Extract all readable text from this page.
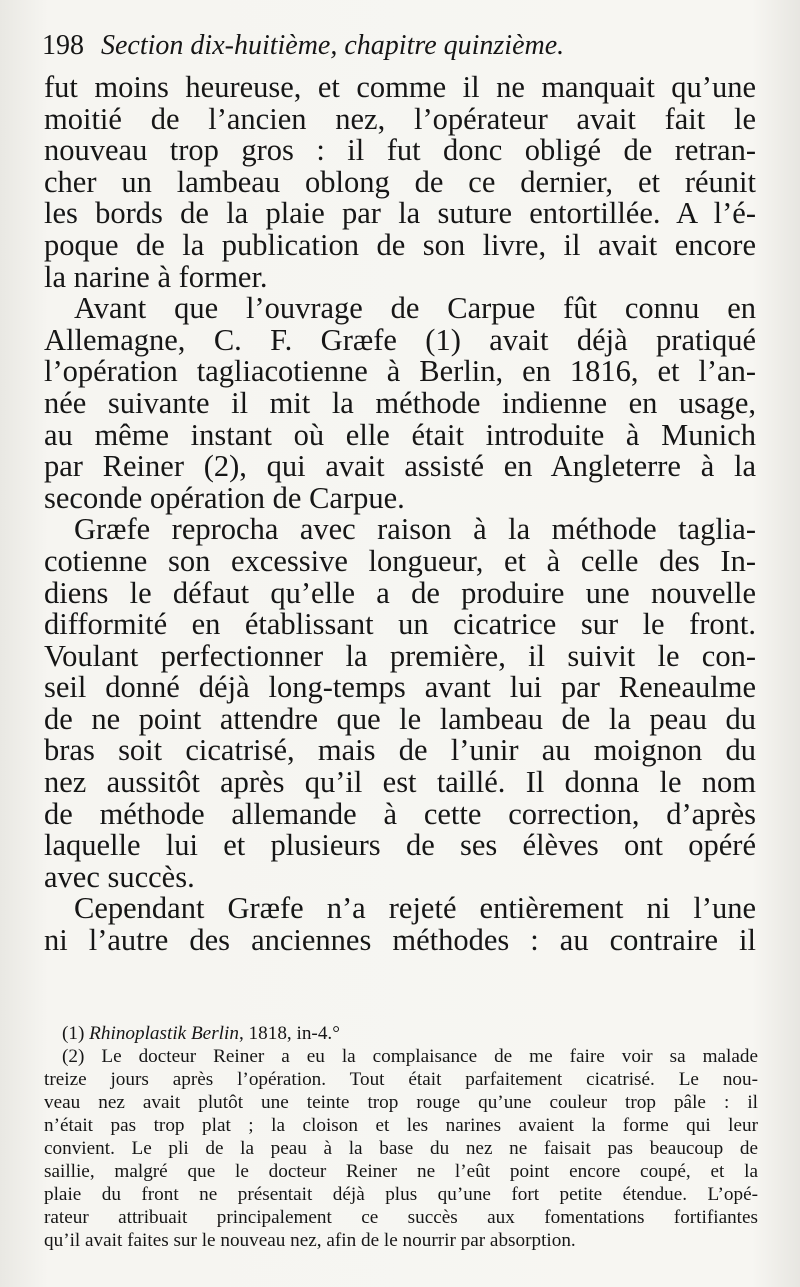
198 Section dix-huitième, chapitre quinzième.
fut moins heureuse, et comme il ne manquait qu’une
moitié de l’ancien nez, l’opérateur avait fait le
nouveau trop gros : il fut donc obligé de retran-
cher un lambeau oblong de ce dernier, et réunit
les bords de la plaie par la suture entortillée. A l’é-
poque de la publication de son livre, il avait encore
la narine à former.
Avant que l’ouvrage de Carpue fût connu en
Allemagne, C. F. Græfe (1) avait déjà pratiqué
l’opération tagliacotienne à Berlin, en 1816, et l’an-
née suivante il mit la méthode indienne en usage,
au même instant où elle était introduite à Munich
par Reiner (2), qui avait assisté en Angleterre à la
seconde opération de Carpue.
Græfe reprocha avec raison à la méthode taglia-
cotienne son excessive longueur, et à celle des In-
diens le défaut qu’elle a de produire une nouvelle
difformité en établissant un cicatrice sur le front.
Voulant perfectionner la première, il suivit le con-
seil donné déjà long-temps avant lui par Reneaulme
de ne point attendre que le lambeau de la peau du
bras soit cicatrisé, mais de l’unir au moignon du
nez aussitôt après qu’il est taillé. Il donna le nom
de méthode allemande à cette correction, d’après
laquelle lui et plusieurs de ses élèves ont opéré
avec succès.
Cependant Græfe n’a rejeté entièrement ni l’une
ni l’autre des anciennes méthodes : au contraire il
(1) Rhinoplastik Berlin, 1818, in-4.°
(2) Le docteur Reiner a eu la complaisance de me faire voir sa malade
treize jours après l’opération. Tout était parfaitement cicatrisé. Le nou-
veau nez avait plutôt une teinte trop rouge qu’une couleur trop pâle : il
n’était pas trop plat ; la cloison et les narines avaient la forme qui leur
convient. Le pli de la peau à la base du nez ne faisait pas beaucoup de
saillie, malgré que le docteur Reiner ne l’eût point encore coupé, et la
plaie du front ne présentait déjà plus qu’une fort petite étendue. L’opé-
rateur attribuait principalement ce succès aux fomentations fortifiantes
qu’il avait faites sur le nouveau nez, afin de le nourrir par absorption.
